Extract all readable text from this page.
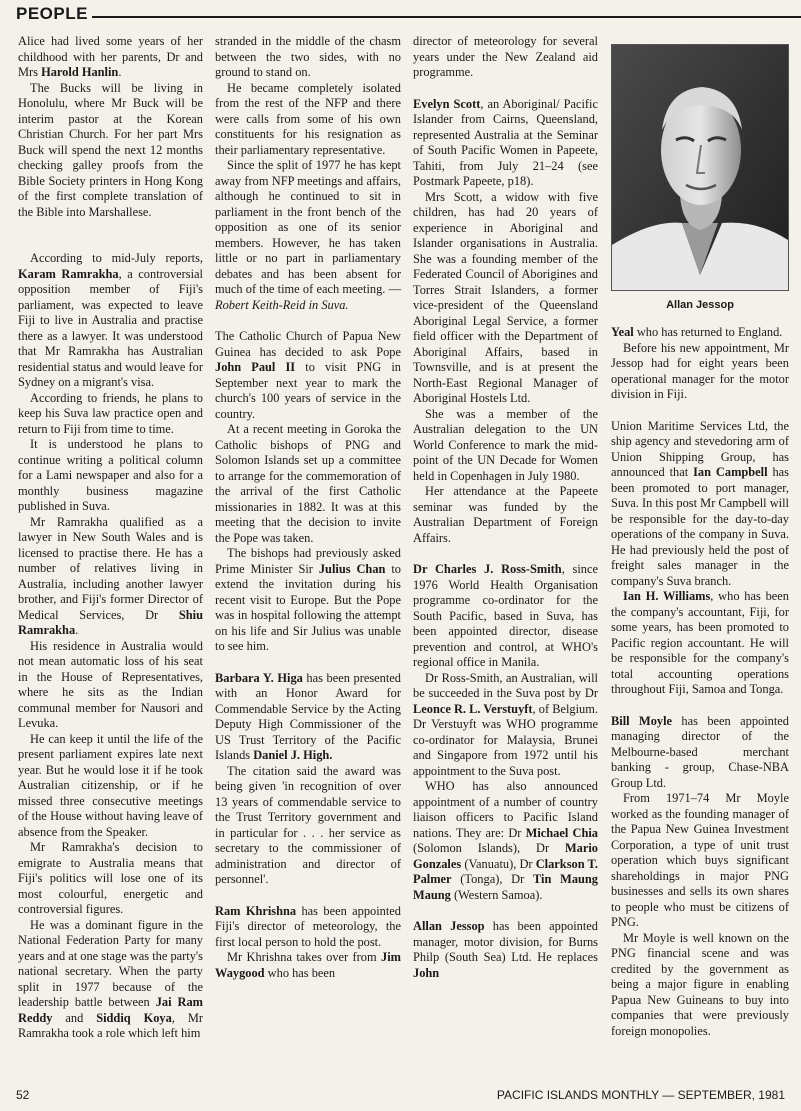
PEOPLE

Alice had lived some years of her childhood with her parents, Dr and Mrs Harold Hanlin.

The Bucks will be living in Honolulu, where Mr Buck will be interim pastor at the Korean Christian Church. For her part Mrs Buck will spend the next 12 months checking galley proofs from the Bible Society printers in Hong Kong of the first complete translation of the Bible into Marshallese.

According to mid-July reports, Karam Ramrakha, a controversial opposition member of Fiji's parliament, was expected to leave Fiji to live in Australia and practise there as a lawyer. It was understood that Mr Ramrakha has Australian residential status and would leave for Sydney on a migrant's visa.

According to friends, he plans to keep his Suva law practice open and return to Fiji from time to time.

It is understood he plans to continue writing a political column for a Lami newspaper and also for a monthly business magazine published in Suva.

Mr Ramrakha qualified as a lawyer in New South Wales and is licensed to practise there. He has a number of relatives living in Australia, including another lawyer brother, and Fiji's former Director of Medical Services, Dr Shiu Ramrakha.

His residence in Australia would not mean automatic loss of his seat in the House of Representatives, where he sits as the Indian communal member for Nausori and Levuka.

He can keep it until the life of the present parliament expires late next year. But he would lose it if he took Australian citizenship, or if he missed three consecutive meetings of the House without having leave of absence from the Speaker.

Mr Ramrakha's decision to emigrate to Australia means that Fiji's politics will lose one of its most colourful, energetic and controversial figures.

He was a dominant figure in the National Federation Party for many years and at one stage was the party's national secretary. When the party split in 1977 because of the leadership battle between Jai Ram Reddy and Siddiq Koya, Mr Ramrakha took a role which left him

stranded in the middle of the chasm between the two sides, with no ground to stand on.

He became completely isolated from the rest of the NFP and there were calls from some of his own constituents for his resignation as their parliamentary representative.

Since the split of 1977 he has kept away from NFP meetings and affairs, although he continued to sit in parliament in the front bench of the opposition as one of its senior members. However, he has taken little or no part in parliamentary debates and has been absent for much of the time of each meeting. — Robert Keith-Reid in Suva.

The Catholic Church of Papua New Guinea has decided to ask Pope John Paul II to visit PNG in September next year to mark the church's 100 years of service in the country.

At a recent meeting in Goroka the Catholic bishops of PNG and Solomon Islands set up a committee to arrange for the commemoration of the arrival of the first Catholic missionaries in 1882. It was at this meeting that the decision to invite the Pope was taken.

The bishops had previously asked Prime Minister Sir Julius Chan to extend the invitation during his recent visit to Europe. But the Pope was in hospital following the attempt on his life and Sir Julius was unable to see him.

Barbara Y. Higa has been presented with an Honor Award for Commendable Service by the Acting Deputy High Commissioner of the US Trust Territory of the Pacific Islands Daniel J. High.

The citation said the award was being given 'in recognition of over 13 years of commendable service to the Trust Territory government and in particular for . . . her service as secretary to the commissioner of administration and director of personnel'.

Ram Khrishna has been appointed Fiji's director of meteorology, the first local person to hold the post.

Mr Khrishna takes over from Jim Waygood who has been

director of meteorology for several years under the New Zealand aid programme.

Evelyn Scott, an Aboriginal/ Pacific Islander from Cairns, Queensland, represented Australia at the Seminar of South Pacific Women in Papeete, Tahiti, from July 21–24 (see Postmark Papeete, p18).

Mrs Scott, a widow with five children, has had 20 years of experience in Aboriginal and Islander organisations in Australia. She was a founding member of the Federated Council of Aborigines and Torres Strait Islanders, a former vice-president of the Queensland Aboriginal Legal Service, a former field officer with the Department of Aboriginal Affairs, based in Townsville, and is at present the North-East Regional Manager of Aboriginal Hostels Ltd.

She was a member of the Australian delegation to the UN World Conference to mark the mid-point of the UN Decade for Women held in Copenhagen in July 1980.

Her attendance at the Papeete seminar was funded by the Australian Department of Foreign Affairs.

Dr Charles J. Ross-Smith, since 1976 World Health Organisation programme co-ordinator for the South Pacific, based in Suva, has been appointed director, disease prevention and control, at WHO's regional office in Manila.

Dr Ross-Smith, an Australian, will be succeeded in the Suva post by Dr Leonce R. L. Verstuyft, of Belgium. Dr Verstuyft was WHO programme co-ordinator for Malaysia, Brunei and Singapore from 1972 until his appointment to the Suva post.

WHO has also announced appointment of a number of country liaison officers to Pacific Island nations. They are: Dr Michael Chia (Solomon Islands), Dr Mario Gonzales (Vanuatu), Dr Clarkson T. Palmer (Tonga), Dr Tin Maung Maung (Western Samoa).

Allan Jessop has been appointed manager, motor division, for Burns Philp (South Sea) Ltd. He replaces John

Allan Jessop

Yeal who has returned to England.

Before his new appointment, Mr Jessop had for eight years been operational manager for the motor division in Fiji.

Union Maritime Services Ltd, the ship agency and stevedoring arm of Union Shipping Group, has announced that Ian Campbell has been promoted to port manager, Suva. In this post Mr Campbell will be responsible for the day-to-day operations of the company in Suva. He had previously held the post of freight sales manager in the company's Suva branch.

Ian H. Williams, who has been the company's accountant, Fiji, for some years, has been promoted to Pacific region accountant. He will be responsible for the company's total accounting operations throughout Fiji, Samoa and Tonga.

Bill Moyle has been appointed managing director of the Melbourne-based merchant banking - group, Chase-NBA Group Ltd.

From 1971–74 Mr Moyle worked as the founding manager of the Papua New Guinea Investment Corporation, a type of unit trust operation which buys significant shareholdings in major PNG businesses and sells its own shares to people who must be citizens of PNG.

Mr Moyle is well known on the PNG financial scene and was credited by the government as being a major figure in enabling Papua New Guineans to buy into companies that were previously foreign monopolies.

52	PACIFIC ISLANDS MONTHLY — SEPTEMBER, 1981
